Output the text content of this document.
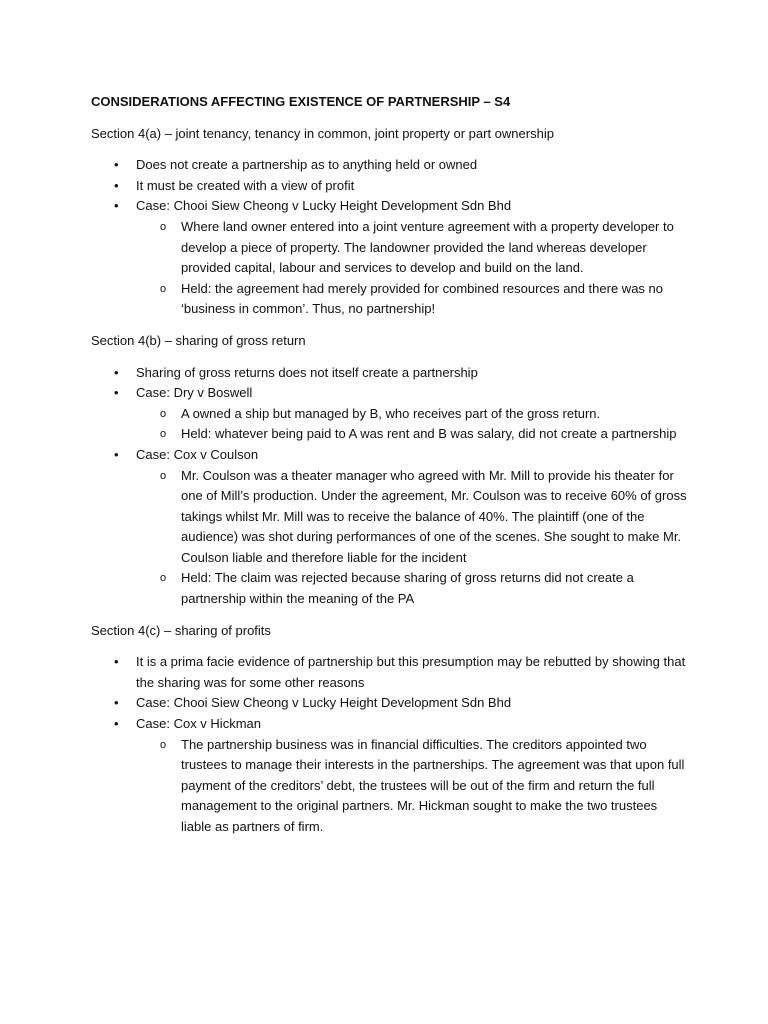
CONSIDERATIONS AFFECTING EXISTENCE OF PARTNERSHIP – S4
Section 4(a) – joint tenancy, tenancy in common, joint property or part ownership
• Does not create a partnership as to anything held or owned
• It must be created with a view of profit
• Case: Chooi Siew Cheong v Lucky Height Development Sdn Bhd
o Where land owner entered into a joint venture agreement with a property developer to develop a piece of property. The landowner provided the land whereas developer provided capital, labour and services to develop and build on the land.
o Held: the agreement had merely provided for combined resources and there was no ‘business in common’. Thus, no partnership!
Section 4(b) – sharing of gross return
• Sharing of gross returns does not itself create a partnership
• Case: Dry v Boswell
o A owned a ship but managed by B, who receives part of the gross return.
o Held: whatever being paid to A was rent and B was salary, did not create a partnership
• Case: Cox v Coulson
o Mr. Coulson was a theater manager who agreed with Mr. Mill to provide his theater for one of Mill’s production. Under the agreement, Mr. Coulson was to receive 60% of gross takings whilst Mr. Mill was to receive the balance of 40%. The plaintiff (one of the audience) was shot during performances of one of the scenes. She sought to make Mr. Coulson liable and therefore liable for the incident
o Held: The claim was rejected because sharing of gross returns did not create a partnership within the meaning of the PA
Section 4(c) – sharing of profits
• It is a prima facie evidence of partnership but this presumption may be rebutted by showing that the sharing was for some other reasons
• Case: Chooi Siew Cheong v Lucky Height Development Sdn Bhd
• Case: Cox v Hickman
o The partnership business was in financial difficulties. The creditors appointed two trustees to manage their interests in the partnerships. The agreement was that upon full payment of the creditors’ debt, the trustees will be out of the firm and return the full management to the original partners. Mr. Hickman sought to make the two trustees liable as partners of firm.
